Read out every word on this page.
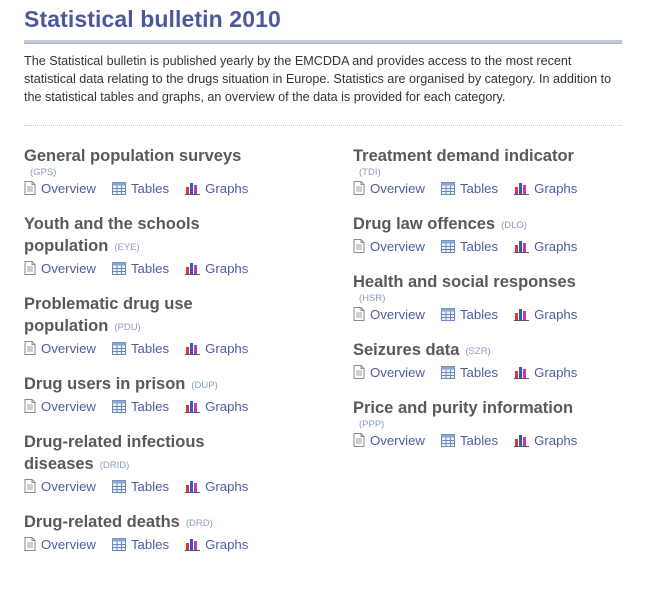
Statistical bulletin 2010

The Statistical bulletin is published yearly by the EMCDDA and provides access to the most recent statistical data relating to the drugs situation in Europe. Statistics are organised by category. In addition to the statistical tables and graphs, an overview of the data is provided for each category.

General population surveys
(GPS)
Overview	Tables	Graphs
Youth and the schools population (EYE)
Overview	Tables	Graphs
Problematic drug use population (PDU)
Overview	Tables	Graphs
Drug users in prison (DUP)
Overview	Tables	Graphs
Drug-related infectious diseases (DRID)
Overview	Tables	Graphs
Drug-related deaths (DRD)
Overview	Tables	Graphs
Treatment demand indicator
(TDI)
Overview	Tables	Graphs
Drug law offences (DLO)
Overview	Tables	Graphs
Health and social responses
(HSR)
Overview	Tables	Graphs
Seizures data (SZR)
Overview	Tables	Graphs
Price and purity information
(PPP)
Overview	Tables	Graphs
